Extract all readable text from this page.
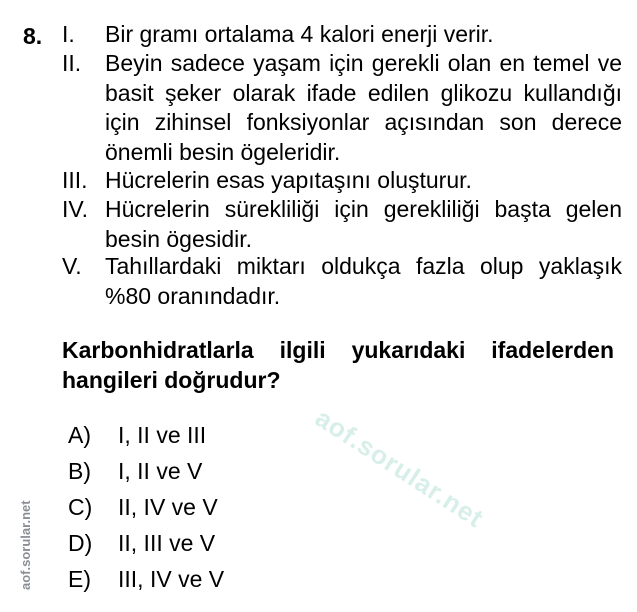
8. I.	Bir gramı ortalama 4 kalori enerji verir.
II.	Beyin sadece yaşam için gerekli olan en temel ve basit şeker olarak ifade edilen glikozu kullandığı için zihinsel fonksiyonlar açısından son derece önemli besin ögeleridir.
III. Hücrelerin esas yapıtaşını oluşturur.
IV. Hücrelerin sürekliliği için gerekliliği başta gelen besin ögesidir.
V.	Tahıllardaki miktarı oldukça fazla olup yaklaşık %80 oranındadır.
Karbonhidratlarla ilgili yukarıdaki ifadelerden hangileri doğrudur?
A) I, II ve III
B) I, II ve V
C) II, IV ve V
D) II, III ve V
E) III, IV ve V
aof.sorular.net
aof.sorular.net
